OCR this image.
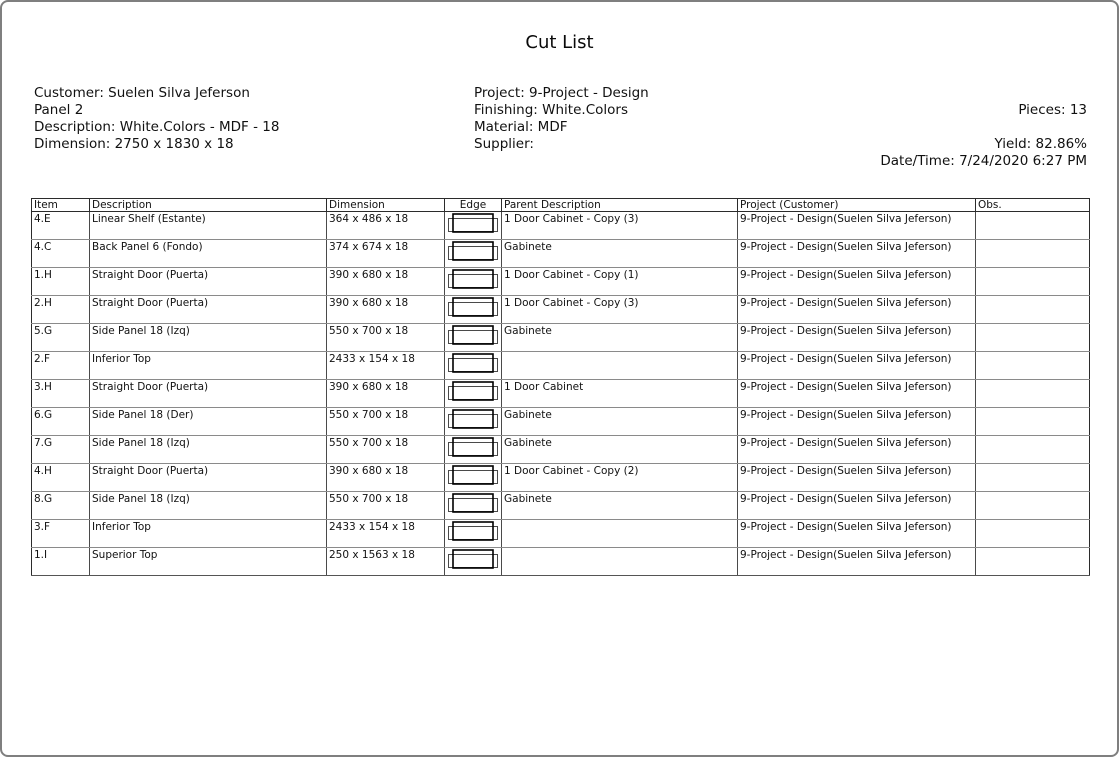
Cut List
Customer: Suelen Silva Jeferson
Panel 2
Description: White.Colors - MDF - 18
Dimension: 2750 x 1830 x 18
Project: 9-Project - Design
Finishing: White.Colors
Material: MDF
Supplier:
Pieces: 13
Yield: 82.86%
Date/Time: 7/24/2020 6:27 PM
Item	Description	Dimension	Edge	Parent Description	Project (Customer)	Obs.
4.E	Linear Shelf (Estante)	364 x 486 x 18		1 Door Cabinet - Copy (3)	9-Project - Design(Suelen Silva Jeferson)	
4.C	Back Panel 6 (Fondo)	374 x 674 x 18		Gabinete	9-Project - Design(Suelen Silva Jeferson)	
1.H	Straight Door (Puerta)	390 x 680 x 18		1 Door Cabinet - Copy (1)	9-Project - Design(Suelen Silva Jeferson)	
2.H	Straight Door (Puerta)	390 x 680 x 18		1 Door Cabinet - Copy (3)	9-Project - Design(Suelen Silva Jeferson)	
5.G	Side Panel 18 (Izq)	550 x 700 x 18		Gabinete	9-Project - Design(Suelen Silva Jeferson)	
2.F	Inferior Top	2433 x 154 x 18			9-Project - Design(Suelen Silva Jeferson)	
3.H	Straight Door (Puerta)	390 x 680 x 18		1 Door Cabinet	9-Project - Design(Suelen Silva Jeferson)	
6.G	Side Panel 18 (Der)	550 x 700 x 18		Gabinete	9-Project - Design(Suelen Silva Jeferson)	
7.G	Side Panel 18 (Izq)	550 x 700 x 18		Gabinete	9-Project - Design(Suelen Silva Jeferson)	
4.H	Straight Door (Puerta)	390 x 680 x 18		1 Door Cabinet - Copy (2)	9-Project - Design(Suelen Silva Jeferson)	
8.G	Side Panel 18 (Izq)	550 x 700 x 18		Gabinete	9-Project - Design(Suelen Silva Jeferson)	
3.F	Inferior Top	2433 x 154 x 18			9-Project - Design(Suelen Silva Jeferson)	
1.I	Superior Top	250 x 1563 x 18			9-Project - Design(Suelen Silva Jeferson)	
